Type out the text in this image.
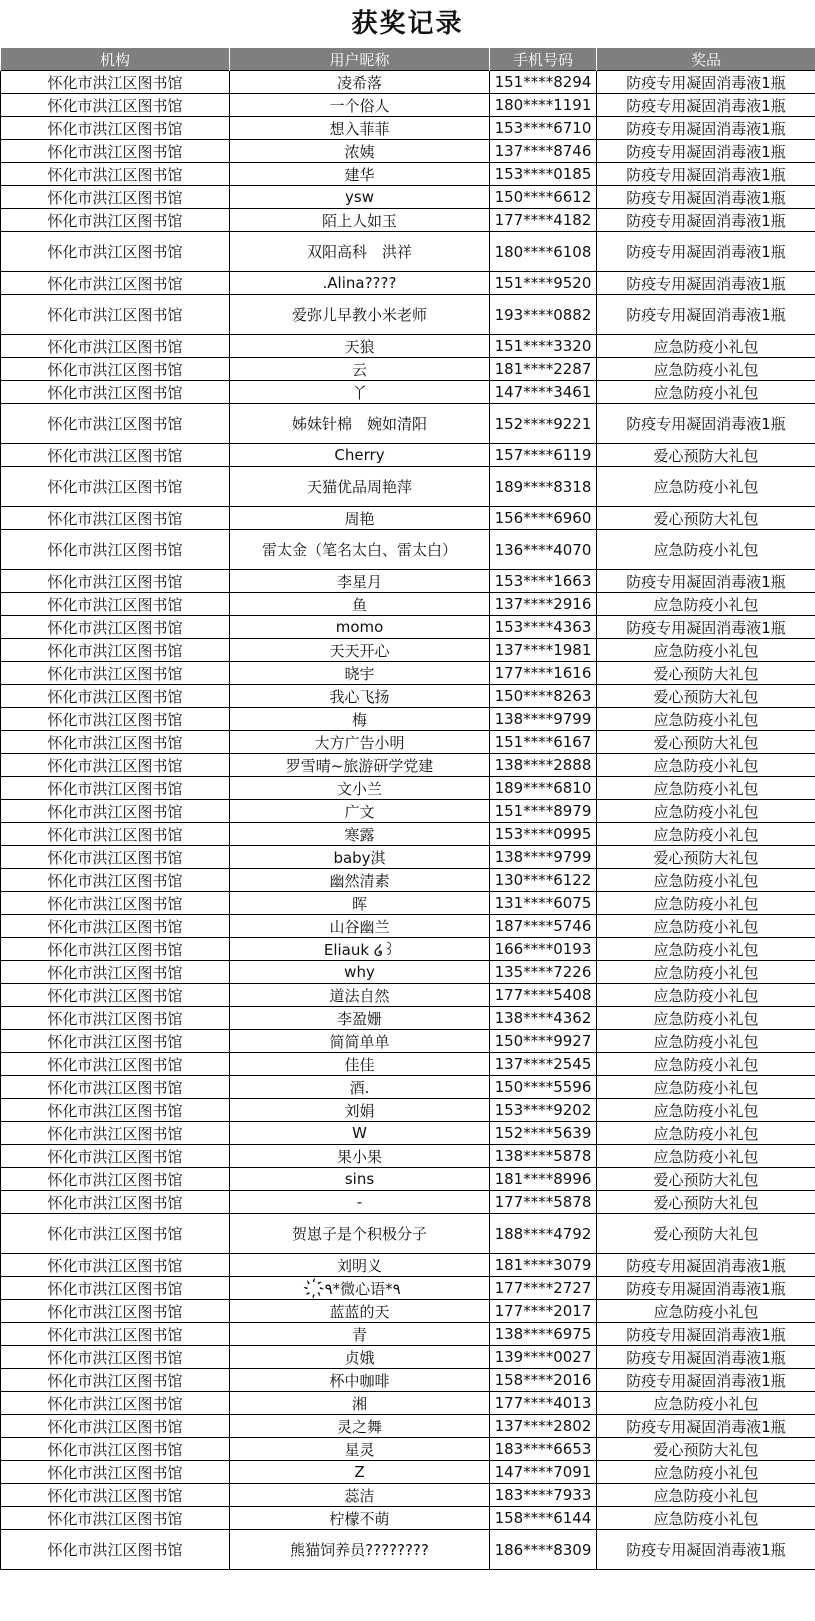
获奖记录
机构	用户昵称	手机号码	奖品
怀化市洪江区图书馆	凌希落	151****8294	防疫专用凝固消毒液1瓶
怀化市洪江区图书馆	一个俗人	180****1191	防疫专用凝固消毒液1瓶
怀化市洪江区图书馆	想入菲菲	153****6710	防疫专用凝固消毒液1瓶
怀化市洪江区图书馆	浓姨	137****8746	防疫专用凝固消毒液1瓶
怀化市洪江区图书馆	建华	153****0185	防疫专用凝固消毒液1瓶
怀化市洪江区图书馆	ysw	150****6612	防疫专用凝固消毒液1瓶
怀化市洪江区图书馆	陌上人如玉	177****4182	防疫专用凝固消毒液1瓶
怀化市洪江区图书馆	双阳高科　洪祥	180****6108	防疫专用凝固消毒液1瓶
怀化市洪江区图书馆	.Alina????	151****9520	防疫专用凝固消毒液1瓶
怀化市洪江区图书馆	爱弥儿早教小米老师	193****0882	防疫专用凝固消毒液1瓶
怀化市洪江区图书馆	天狼	151****3320	应急防疫小礼包
怀化市洪江区图书馆	云	181****2287	应急防疫小礼包
怀化市洪江区图书馆	丫	147****3461	应急防疫小礼包
怀化市洪江区图书馆	姊妹针棉　婉如清阳	152****9221	防疫专用凝固消毒液1瓶
怀化市洪江区图书馆	Cherry	157****6119	爱心预防大礼包
怀化市洪江区图书馆	天猫优品周艳萍	189****8318	应急防疫小礼包
怀化市洪江区图书馆	周艳	156****6960	爱心预防大礼包
怀化市洪江区图书馆	雷太金（笔名太白、雷太白）	136****4070	应急防疫小礼包
怀化市洪江区图书馆	李星月	153****1663	防疫专用凝固消毒液1瓶
怀化市洪江区图书馆	鱼	137****2916	应急防疫小礼包
怀化市洪江区图书馆	momo	153****4363	防疫专用凝固消毒液1瓶
怀化市洪江区图书馆	天天开心	137****1981	应急防疫小礼包
怀化市洪江区图书馆	晓宇	177****1616	爱心预防大礼包
怀化市洪江区图书馆	我心飞扬	150****8263	爱心预防大礼包
怀化市洪江区图书馆	梅	138****9799	应急防疫小礼包
怀化市洪江区图书馆	大方广告小明	151****6167	爱心预防大礼包
怀化市洪江区图书馆	罗雪晴~旅游研学党建	138****2888	应急防疫小礼包
怀化市洪江区图书馆	文小兰	189****6810	应急防疫小礼包
怀化市洪江区图书馆	广文	151****8979	应急防疫小礼包
怀化市洪江区图书馆	寒露	153****0995	应急防疫小礼包
怀化市洪江区图书馆	baby淇	138****9799	爱心预防大礼包
怀化市洪江区图书馆	幽然清素	130****6122	应急防疫小礼包
怀化市洪江区图书馆	晖	131****6075	应急防疫小礼包
怀化市洪江区图书馆	山谷幽兰	187****5746	应急防疫小礼包
怀化市洪江区图书馆	Eliauk ໒꒱	166****0193	应急防疫小礼包
怀化市洪江区图书馆	why	135****7226	应急防疫小礼包
怀化市洪江区图书馆	道法自然	177****5408	应急防疫小礼包
怀化市洪江区图书馆	李盈姗	138****4362	应急防疫小礼包
怀化市洪江区图书馆	简简单单	150****9927	应急防疫小礼包
怀化市洪江区图书馆	佳佳	137****2545	应急防疫小礼包
怀化市洪江区图书馆	酒.	150****5596	应急防疫小礼包
怀化市洪江区图书馆	刘娟	153****9202	应急防疫小礼包
怀化市洪江区图书馆	W	152****5639	应急防疫小礼包
怀化市洪江区图书馆	果小果	138****5878	应急防疫小礼包
怀化市洪江区图书馆	sins	181****8996	爱心预防大礼包
怀化市洪江区图书馆	-	177****5878	爱心预防大礼包
怀化市洪江区图书馆	贺崽子是个积极分子	188****4792	爱心预防大礼包
怀化市洪江区图书馆	刘明义	181****3079	防疫专用凝固消毒液1瓶
怀化市洪江区图书馆	҉٩*微心语*٩	177****2727	防疫专用凝固消毒液1瓶
怀化市洪江区图书馆	蓝蓝的天	177****2017	应急防疫小礼包
怀化市洪江区图书馆	青	138****6975	防疫专用凝固消毒液1瓶
怀化市洪江区图书馆	贞娥	139****0027	防疫专用凝固消毒液1瓶
怀化市洪江区图书馆	杯中咖啡	158****2016	防疫专用凝固消毒液1瓶
怀化市洪江区图书馆	湘	177****4013	应急防疫小礼包
怀化市洪江区图书馆	灵之舞	137****2802	防疫专用凝固消毒液1瓶
怀化市洪江区图书馆	星灵	183****6653	爱心预防大礼包
怀化市洪江区图书馆	Z	147****7091	应急防疫小礼包
怀化市洪江区图书馆	蕊洁	183****7933	应急防疫小礼包
怀化市洪江区图书馆	柠檬不萌	158****6144	应急防疫小礼包
怀化市洪江区图书馆	熊猫饲养员????????	186****8309	防疫专用凝固消毒液1瓶
